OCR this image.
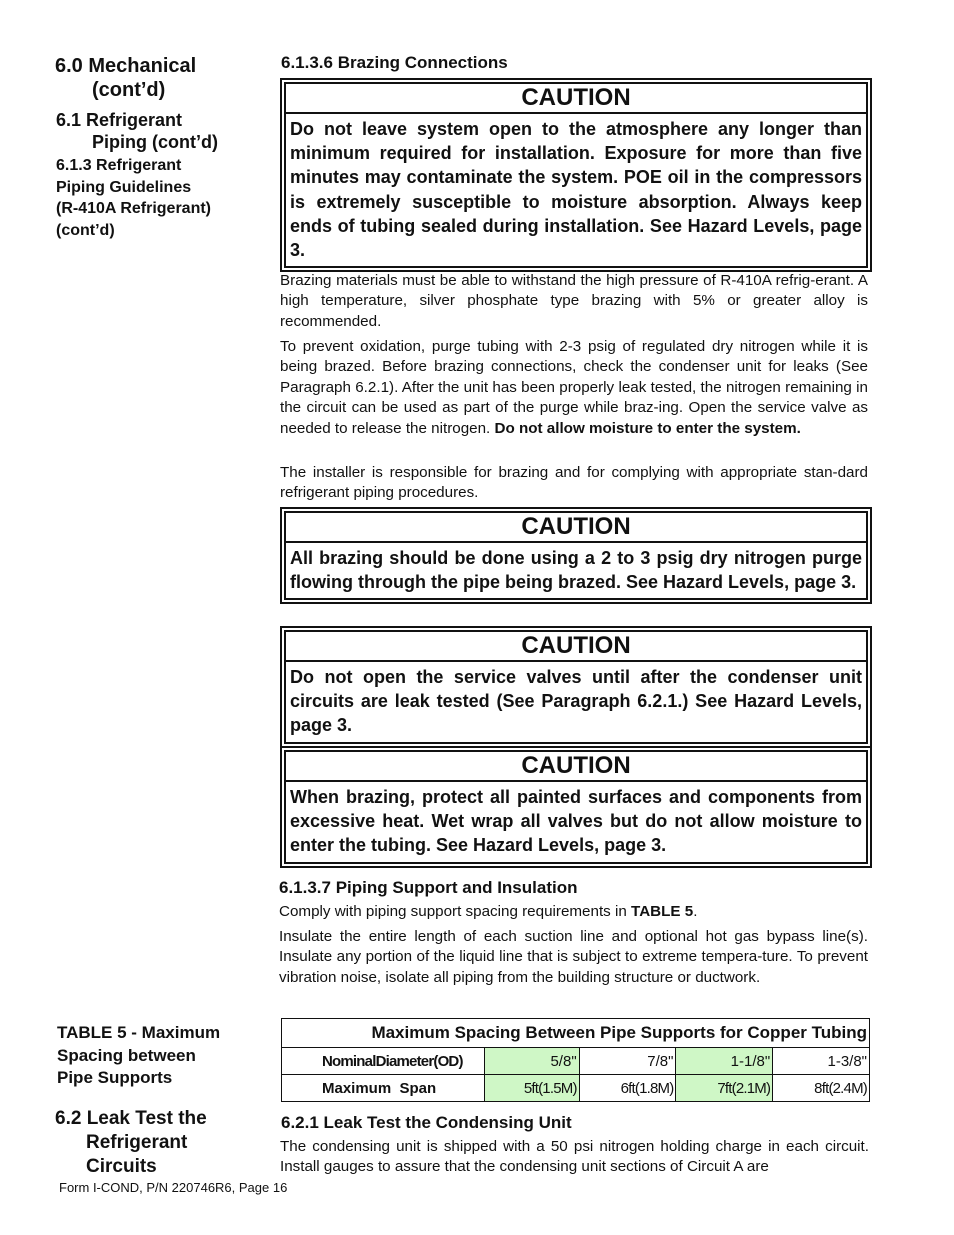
6.0 Mechanical
(cont’d)
6.1 Refrigerant
Piping (cont’d)
6.1.3 Refrigerant
Piping Guidelines
(R-410A Refrigerant)
(cont’d)
TABLE 5 - Maximum
Spacing between
Pipe Supports
6.2 Leak Test the
Refrigerant
Circuits
Form I-COND, P/N 220746R6, Page 16
6.1.3.6 Brazing Connections
CAUTION
Do not leave system open to the atmosphere any longer than minimum required for installation. Exposure for more than five minutes may contaminate the system. POE oil in the compressors is extremely susceptible to moisture absorption. Always keep ends of tubing sealed during installation. See Hazard Levels, page 3.
Brazing materials must be able to withstand the high pressure of R-410A refrig-erant. A high temperature, silver phosphate type brazing with 5% or greater alloy is recommended.
To prevent oxidation, purge tubing with 2-3 psig of regulated dry nitrogen while it is being brazed. Before brazing connections, check the condenser unit for leaks (See Paragraph 6.2.1). After the unit has been properly leak tested, the nitrogen remaining in the circuit can be used as part of the purge while braz-ing. Open the service valve as needed to release the nitrogen. Do not allow moisture to enter the system.
The installer is responsible for brazing and for complying with appropriate stan-dard refrigerant piping procedures.
CAUTION
All brazing should be done using a 2 to 3 psig dry nitrogen purge flowing through the pipe being brazed. See Hazard Levels, page 3.
CAUTION
Do not open the service valves until after the condenser unit circuits are leak tested (See Paragraph 6.2.1.) See Hazard Levels, page 3.
CAUTION
When brazing, protect all painted surfaces and components from excessive heat. Wet wrap all valves but do not allow moisture to enter the tubing. See Hazard Levels, page 3.
6.1.3.7 Piping Support and Insulation
Comply with piping support spacing requirements in TABLE 5.
Insulate the entire length of each suction line and optional hot gas bypass line(s). Insulate any portion of the liquid line that is subject to extreme tempera-ture. To prevent vibration noise, isolate all piping from the building structure or ductwork.
Maximum Spacing Between Pipe Supports for Copper Tubing				
NominalDiameter(OD)	5/8"	7/8"	1-1/8"	1-3/8"
Maximum  Span	5ft(1.5M)	6ft(1.8M)	7ft(2.1M)	8ft(2.4M)
6.2.1 Leak Test the Condensing Unit
The condensing unit is shipped with a 50 psi nitrogen holding charge in each circuit. Install gauges to assure that the condensing unit sections of Circuit A are
